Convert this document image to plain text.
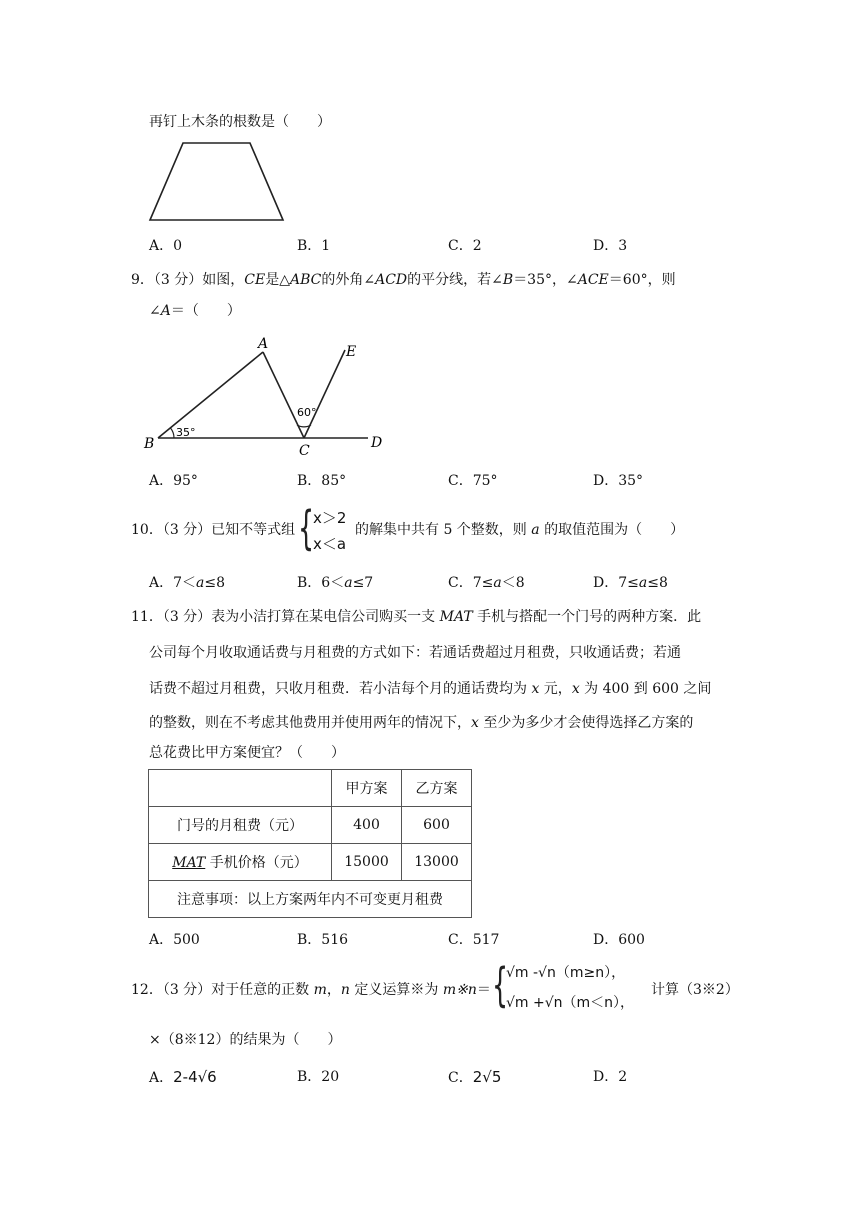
再钉上木条的根数是（　　）
A．0	B．1	C．2	D．3
9．（3 分）如图，CE是△ABC的外角∠ACD的平分线，若∠B＝35°，∠ACE＝60°，则
∠A＝（　　）
A
B	C	D
E
35°
60°
A．95°	B．85°	C．75°	D．35°
10．（3 分）已知不等式组 {
x＞2
x＜a
的解集中共有 5 个整数，则 a 的取值范围为（　　）
A．7＜a≤8	B．6＜a≤7	C．7≤a＜8	D．7≤a≤8
11．（3 分）表为小洁打算在某电信公司购买一支 MAT 手机与搭配一个门号的两种方案．此
公司每个月收取通话费与月租费的方式如下：若通话费超过月租费，只收通话费；若通
话费不超过月租费，只收月租费．若小洁每个月的通话费均为 x 元，x 为 400 到 600 之间
的整数，则在不考虑其他费用并使用两年的情况下，x 至少为多少才会使得选择乙方案的
总花费比甲方案便宜？（　　）
	甲方案	乙方案
门号的月租费（元）	400	600
MAT 手机价格（元）	15000	13000
注意事项：以上方案两年内不可变更月租费		
A．500	B．516	C．517	D．600
12．（3 分）对于任意的正数 m，n 定义运算※为 m※n＝ {
√m -√n（m≥n），
√m +√n（m＜n），
计算（3※2）
×（8※12）的结果为（　　）
A．2-4√6	B．20	C．2√5	D．2
